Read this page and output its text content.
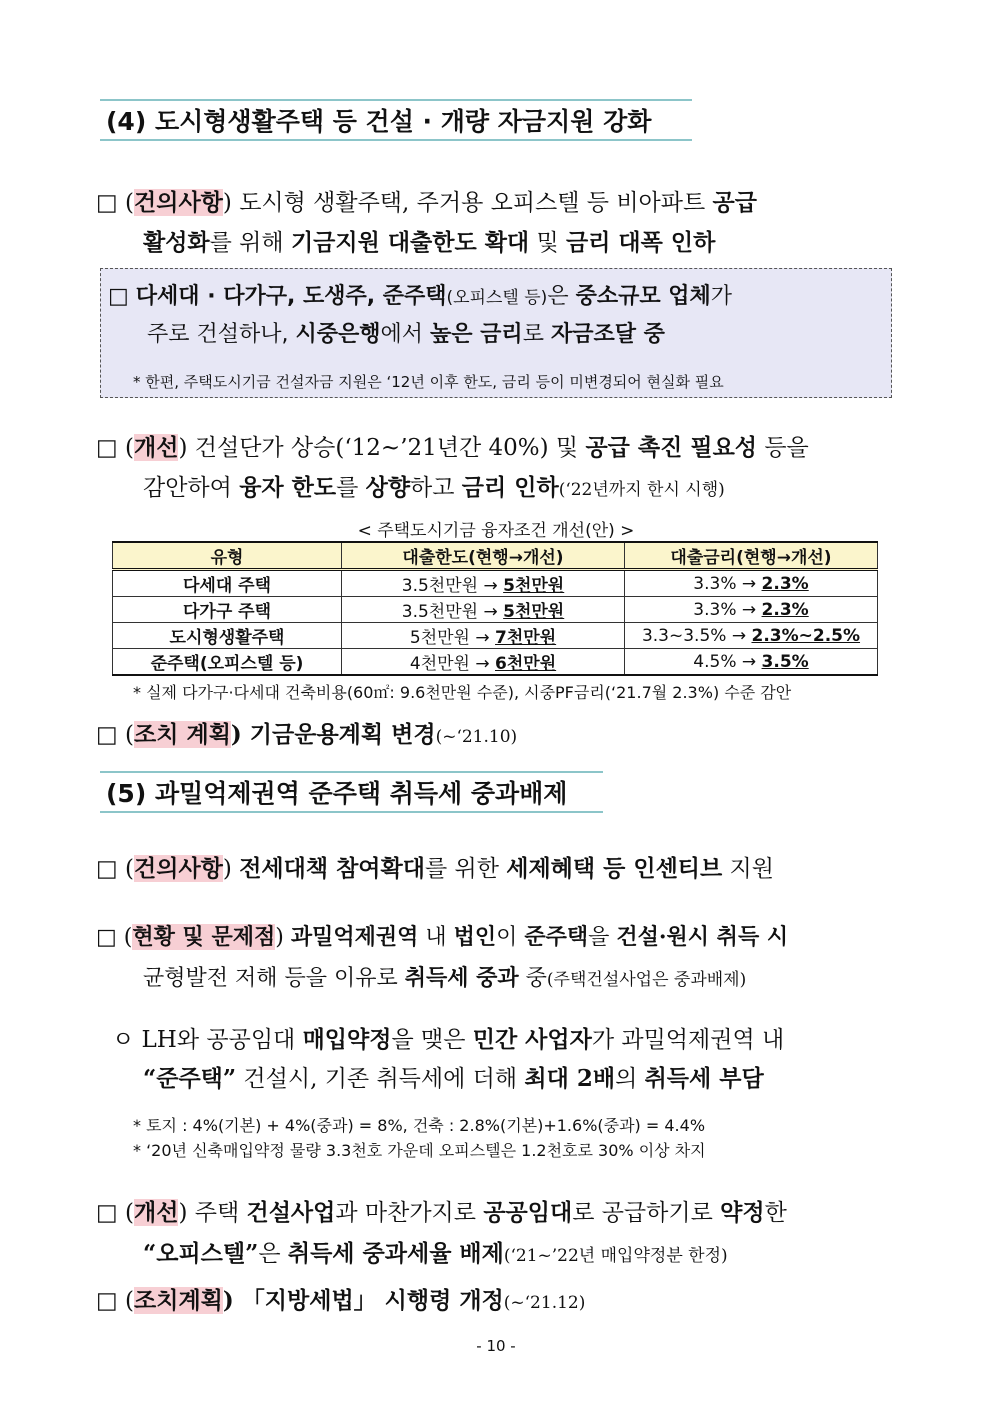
(4) 도시형생활주택 등 건설 · 개량 자금지원 강화
□ (건의사항) 도시형 생활주택, 주거용 오피스텔 등 비아파트 공급
활성화를 위해 기금지원 대출한도 확대 및 금리 대폭 인하
□ 다세대 · 다가구, 도생주, 준주택(오피스텔 등)은 중소규모 업체가
주로 건설하나, 시중은행에서 높은 금리로 자금조달 중
* 한편, 주택도시기금 건설자금 지원은 ‘12년 이후 한도, 금리 등이 미변경되어 현실화 필요
□ (개선) 건설단가 상승(‘12~’21년간 40%) 및 공급 촉진 필요성 등을
감안하여 융자 한도를 상향하고 금리 인하(‘22년까지 한시 시행)
< 주택도시기금 융자조건 개선(안) >
유형	대출한도(현행→개선)	대출금리(현행→개선)
다세대 주택	3.5천만원 → 5천만원	3.3% → 2.3%
다가구 주택	3.5천만원 → 5천만원	3.3% → 2.3%
도시형생활주택	5천만원 → 7천만원	3.3~3.5% → 2.3%~2.5%
준주택(오피스텔 등)	4천만원 → 6천만원	4.5% → 3.5%
* 실제 다가구·다세대 건축비용(60㎡: 9.6천만원 수준), 시중PF금리(‘21.7월 2.3%) 수준 감안
□ (조치 계획) 기금운용계획 변경(~‘21.10)
(5) 과밀억제권역 준주택 취득세 중과배제
□ (건의사항) 전세대책 참여확대를 위한 세제혜택 등 인센티브 지원
□ (현황 및 문제점) 과밀억제권역 내 법인이 준주택을 건설·원시 취득 시
균형발전 저해 등을 이유로 취득세 중과 중(주택건설사업은 중과배제)
ㅇ LH와 공공임대 매입약정을 맺은 민간 사업자가 과밀억제권역 내
“준주택” 건설시, 기존 취득세에 더해 최대 2배의 취득세 부담
* 토지 : 4%(기본) + 4%(중과) = 8%, 건축 : 2.8%(기본)+1.6%(중과) = 4.4%
* ‘20년 신축매입약정 물량 3.3천호 가운데 오피스텔은 1.2천호로 30% 이상 차지
□ (개선) 주택 건설사업과 마찬가지로 공공임대로 공급하기로 약정한
“오피스텔”은 취득세 중과세율 배제(‘21~’22년 매입약정분 한정)
□ (조치계획) 「지방세법」 시행령 개정(~‘21.12)
- 10 -
